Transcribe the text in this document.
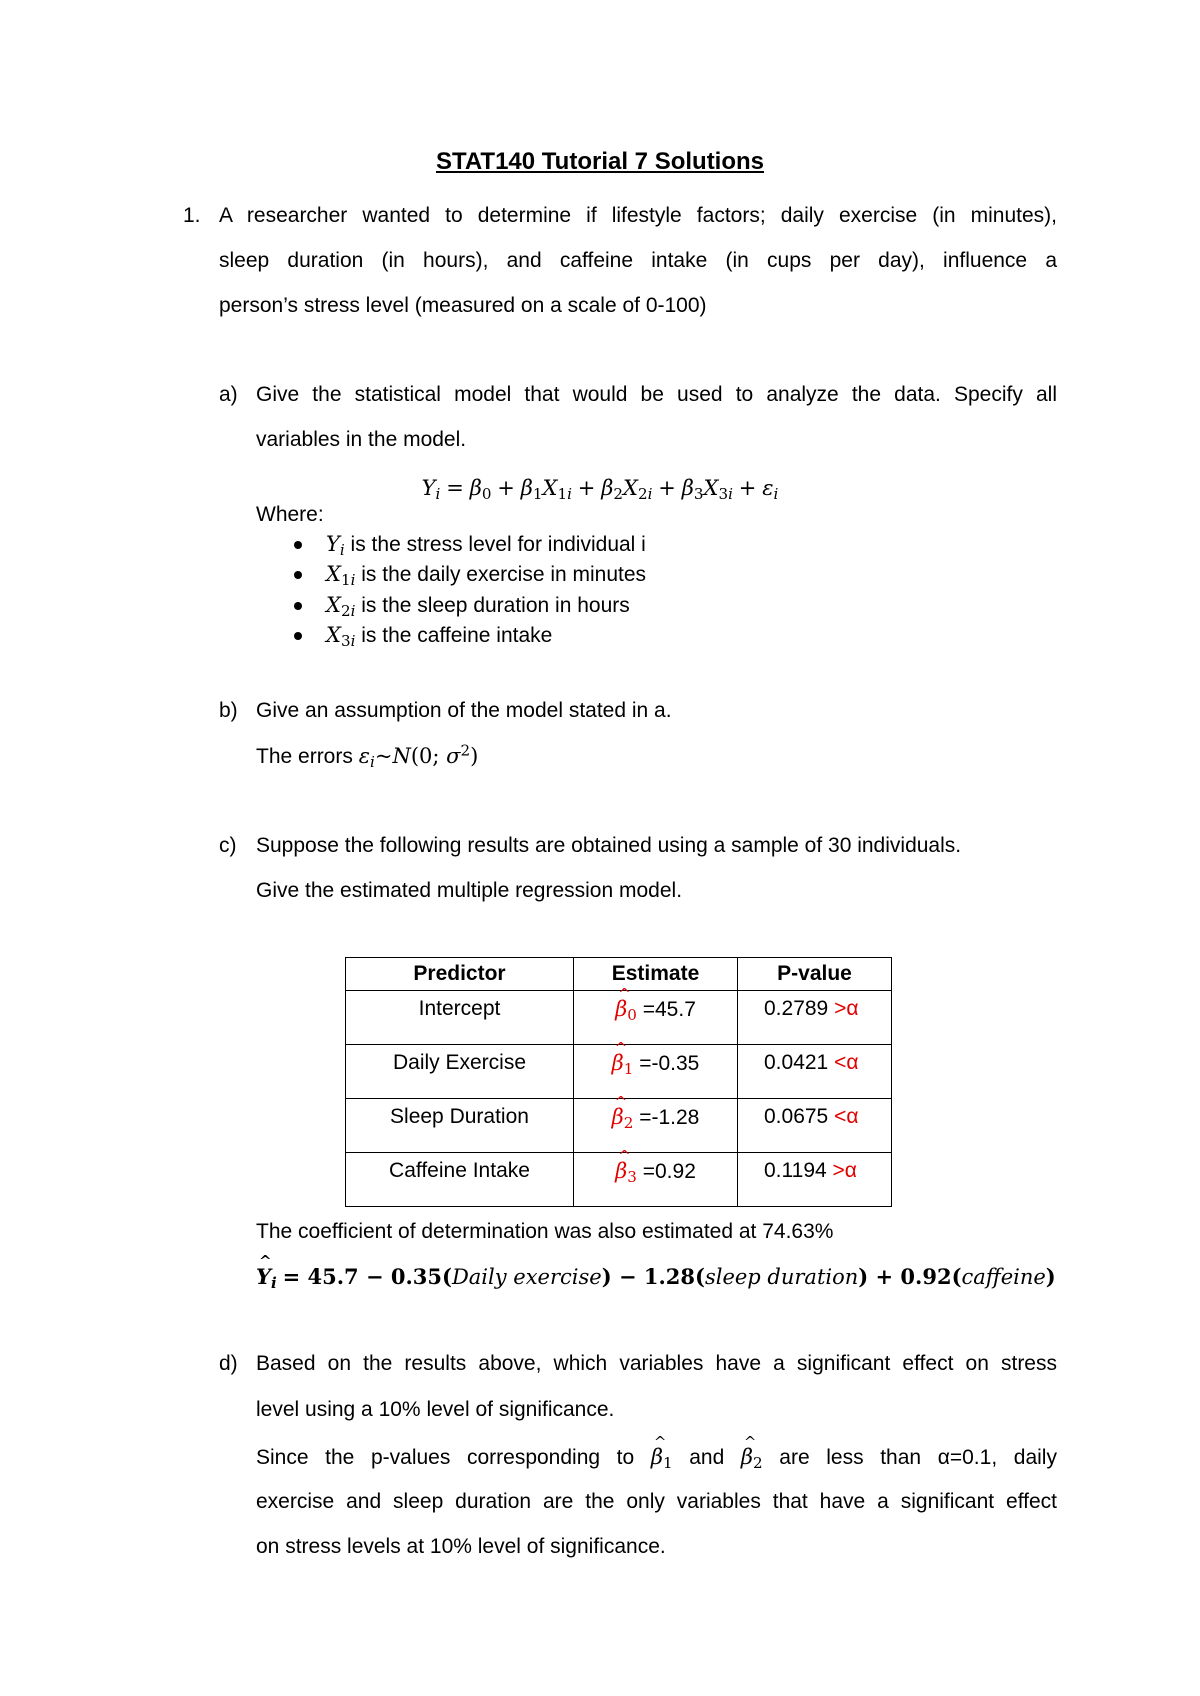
STAT140 Tutorial 7 Solutions
1. A researcher wanted to determine if lifestyle factors; daily exercise (in minutes),
sleep duration (in hours), and caffeine intake (in cups per day), influence a
person’s stress level (measured on a scale of 0-100)
a) Give the statistical model that would be used to analyze the data. Specify all
variables in the model.
$Y_i = \beta_0 + \beta_1X_{1i} + \beta_2X_{2i} + \beta_3X_{3i} + \varepsilon_i$
Where:
$Y_i$ is the stress level for individual i
$X_{1i}$ is the daily exercise in minutes
$X_{2i}$ is the sleep duration in hours
$X_{3i}$ is the caffeine intake
b) Give an assumption of the model stated in a.
The errors $\varepsilon_i\sim N(0$; $\sigma^2$)
c) Suppose the following results are obtained using a sample of 30 individuals.
Give the estimated multiple regression model.
Predictor	Estimate	P-value
Intercept	^ $\beta_0 =45.7$	0.2789 >α
Daily Exercise	^ $\beta_1 =-0.35$	0.0421 <α
Sleep Duration	^ $\beta_2 =-1.28$	0.0675 <α
Caffeine Intake	^ $\beta_3 =0.92$	0.1194 >α
The coefficient of determination was also estimated at 74.63%
^ $Y_i = 45.7$ − 0.35(Daily exercise) − 1.28(sleep duration) + 0.92(caffeine)
d) Based on the results above, which variables have a significant effect on stress
level using a 10% level of significance.
Since the p-values corresponding to ^ $\beta_1$ and ^ $\beta_2$ are less than α=0.1, daily
exercise and sleep duration are the only variables that have a significant effect
on stress levels at 10% level of significance.
